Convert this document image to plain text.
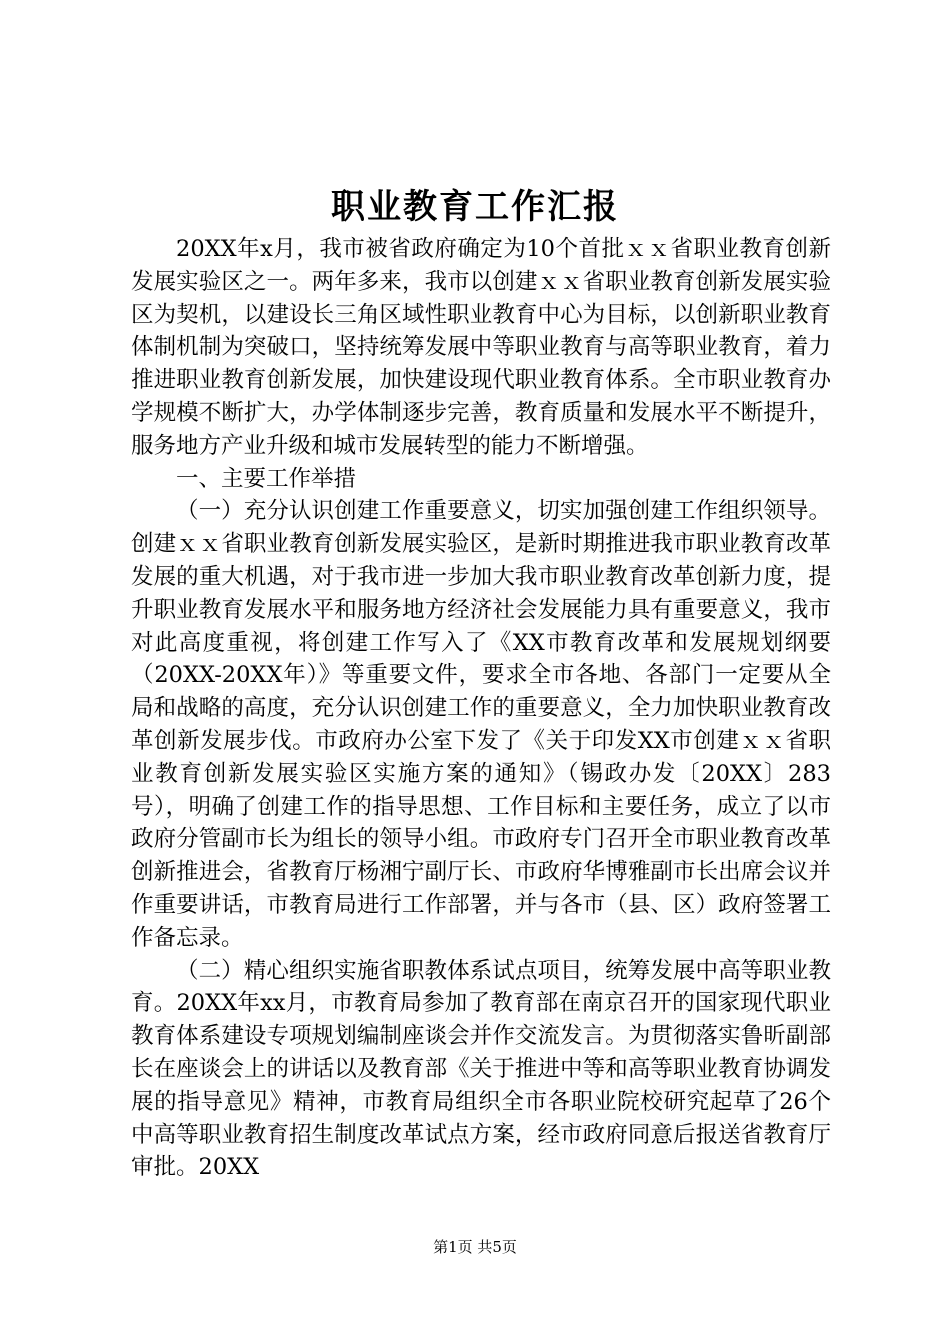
职业教育工作汇报

20XX年x月，我市被省政府确定为10个首批ｘｘ省职业教育创新发展实验区之一。两年多来，我市以创建ｘｘ省职业教育创新发展实验区为契机，以建设长三角区域性职业教育中心为目标，以创新职业教育体制机制为突破口，坚持统筹发展中等职业教育与高等职业教育，着力推进职业教育创新发展，加快建设现代职业教育体系。全市职业教育办学规模不断扩大，办学体制逐步完善，教育质量和发展水平不断提升，服务地方产业升级和城市发展转型的能力不断增强。

一、主要工作举措

（一）充分认识创建工作重要意义，切实加强创建工作组织领导。创建ｘｘ省职业教育创新发展实验区，是新时期推进我市职业教育改革发展的重大机遇，对于我市进一步加大我市职业教育改革创新力度，提升职业教育发展水平和服务地方经济社会发展能力具有重要意义，我市对此高度重视，将创建工作写入了《XX市教育改革和发展规划纲要（20XX-20XX年）》等重要文件，要求全市各地、各部门一定要从全局和战略的高度，充分认识创建工作的重要意义，全力加快职业教育改革创新发展步伐。市政府办公室下发了《关于印发XX市创建ｘｘ省职业教育创新发展实验区实施方案的通知》（锡政办发〔20XX〕283号），明确了创建工作的指导思想、工作目标和主要任务，成立了以市政府分管副市长为组长的领导小组。市政府专门召开全市职业教育改革创新推进会，省教育厅杨湘宁副厅长、市政府华博雅副市长出席会议并作重要讲话，市教育局进行工作部署，并与各市（县、区）政府签署工作备忘录。

（二）精心组织实施省职教体系试点项目，统筹发展中高等职业教育。20XX年xx月，市教育局参加了教育部在南京召开的国家现代职业教育体系建设专项规划编制座谈会并作交流发言。为贯彻落实鲁昕副部长在座谈会上的讲话以及教育部《关于推进中等和高等职业教育协调发展的指导意见》精神，市教育局组织全市各职业院校研究起草了26个中高等职业教育招生制度改革试点方案，经市政府同意后报送省教育厅审批。20XX

第1页 共5页
